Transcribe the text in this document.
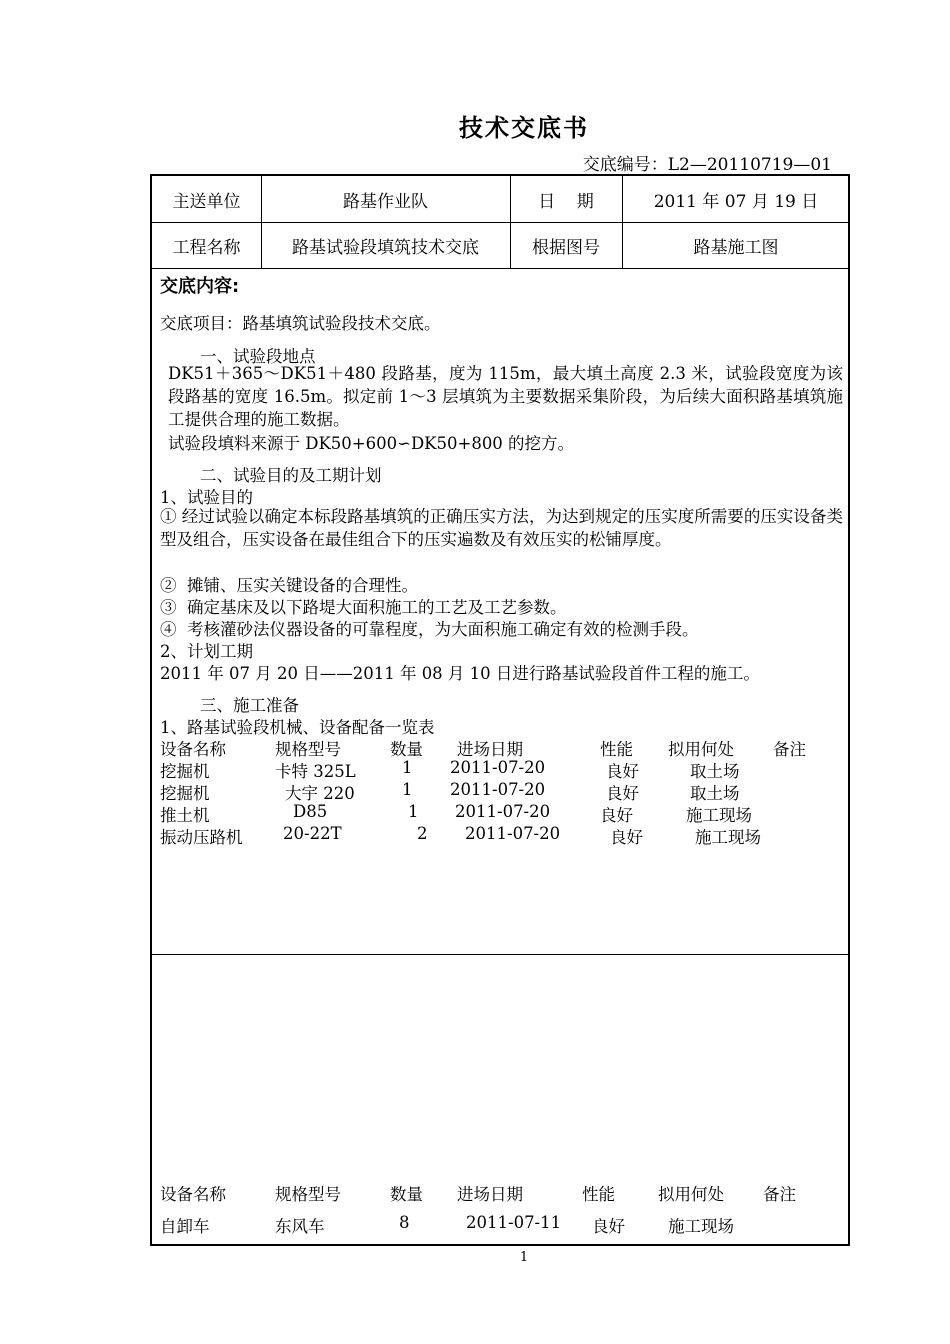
技术交底书
交底编号：L2—20110719—01
主送单位	路基作业队	日    期	2011 年 07 月 19 日
工程名称	路基试验段填筑技术交底	根据图号	路基施工图
交底内容:
交底项目：路基填筑试验段技术交底。
一、试验段地点
DK51＋365～DK51＋480 段路基，度为 115m，最大填土高度 2.3 米，试验段宽度为该段路基的宽度 16.5m。拟定前 1～3 层填筑为主要数据采集阶段，为后续大面积路基填筑施工提供合理的施工数据。
试验段填料来源于 DK50+600∽DK50+800 的挖方。
二、试验目的及工期计划
1、试验目的
① 经过试验以确定本标段路基填筑的正确压实方法，为达到规定的压实度所需要的压实设备类型及组合，压实设备在最佳组合下的压实遍数及有效压实的松铺厚度。
②  摊铺、压实关键设备的合理性。
③  确定基床及以下路堤大面积施工的工艺及工艺参数。
④  考核灌砂法仪器设备的可靠程度，为大面积施工确定有效的检测手段。
2、计划工期
2011 年 07 月 20 日——2011 年 08 月 10 日进行路基试验段首件工程的施工。
三、施工准备
1、路基试验段机械、设备配备一览表
设备名称	规格型号	数量 进场日期	性能 拟用何处 备注
挖掘机	卡特 325L	1 2011-07-20	良好	取土场
挖掘机	大宇 220	1 2011-07-20	良好	取土场
推土机	D85	1 2011-07-20	良好	施工现场
振动压路机 20-22T	2 2011-07-20	良好	施工现场
设备名称	规格型号	数量 进场日期	性能	拟用何处 备注
自卸车	东风车	8	2011-07-11 良好	施工现场
1
